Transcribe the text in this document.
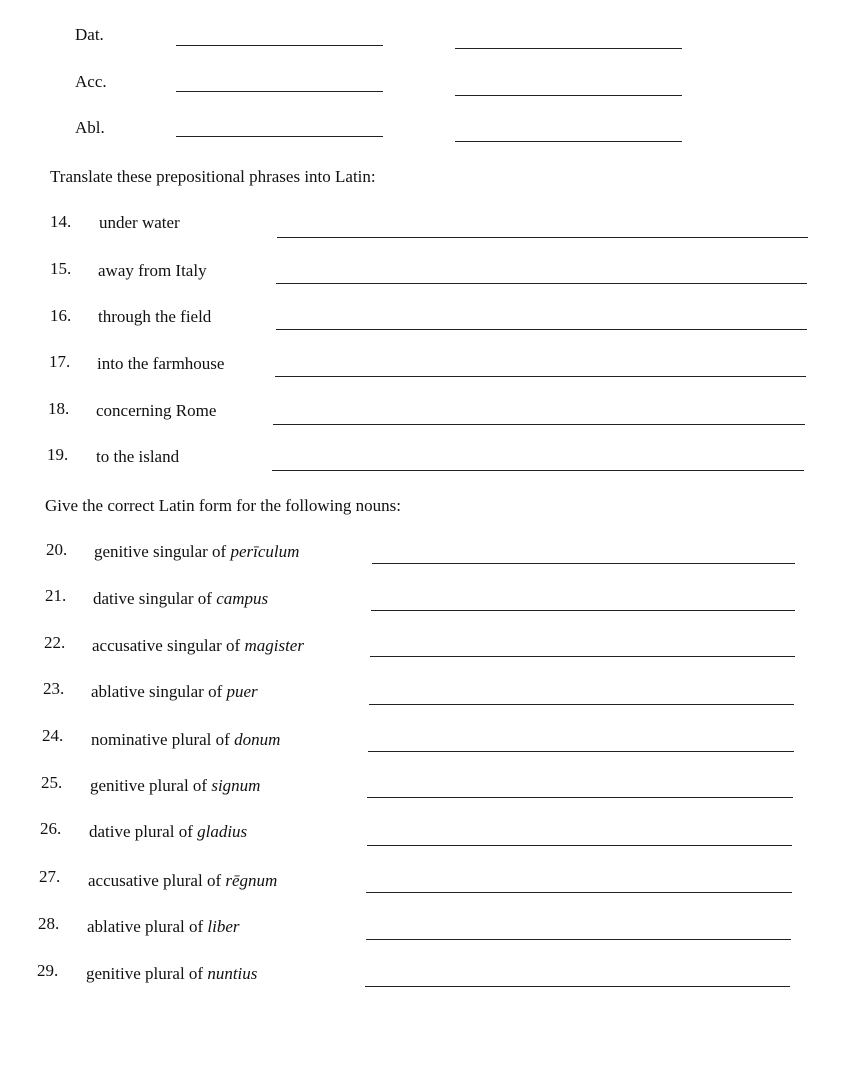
Dat.
Acc.
Abl.
Translate these prepositional phrases into Latin:
14. under water
15. away from Italy
16. through the field
17. into the farmhouse
18. concerning Rome
19. to the island
Give the correct Latin form for the following nouns:
20. genitive singular of perīculum
21. dative singular of campus
22. accusative singular of magister
23. ablative singular of puer
24. nominative plural of donum
25. genitive plural of signum
26. dative plural of gladius
27. accusative plural of rēgnum
28. ablative plural of liber
29. genitive plural of nuntius
